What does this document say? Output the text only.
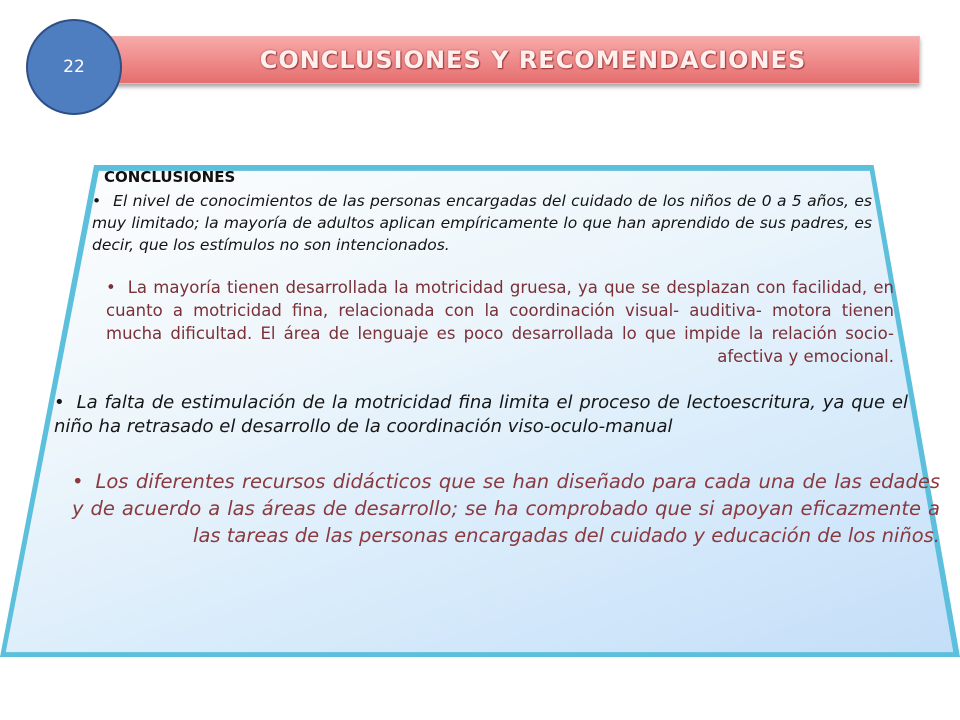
CONCLUSIONES Y RECOMENDACIONES
22
CONCLUSIONES
• El nivel de conocimientos de las personas encargadas del cuidado de los niños de 0 a 5 años, es muy limitado; la mayoría de adultos aplican empíricamente lo que han aprendido de sus padres, es decir, que los estímulos no son intencionados.
• La mayoría tienen desarrollada la motricidad gruesa, ya que se desplazan con facilidad, en cuanto a motricidad fina, relacionada con la coordinación visual- auditiva- motora tienen mucha dificultad. El área de lenguaje es poco desarrollada lo que impide la relación socio-afectiva y emocional.
• La falta de estimulación de la motricidad fina limita el proceso de lectoescritura, ya que el niño ha retrasado el desarrollo de la coordinación viso-oculo-manual
• Los diferentes recursos didácticos que se han diseñado para cada una de las edades y de acuerdo a las áreas de desarrollo; se ha comprobado que si apoyan eficazmente a las tareas de las personas encargadas del cuidado y educación de los niños.
